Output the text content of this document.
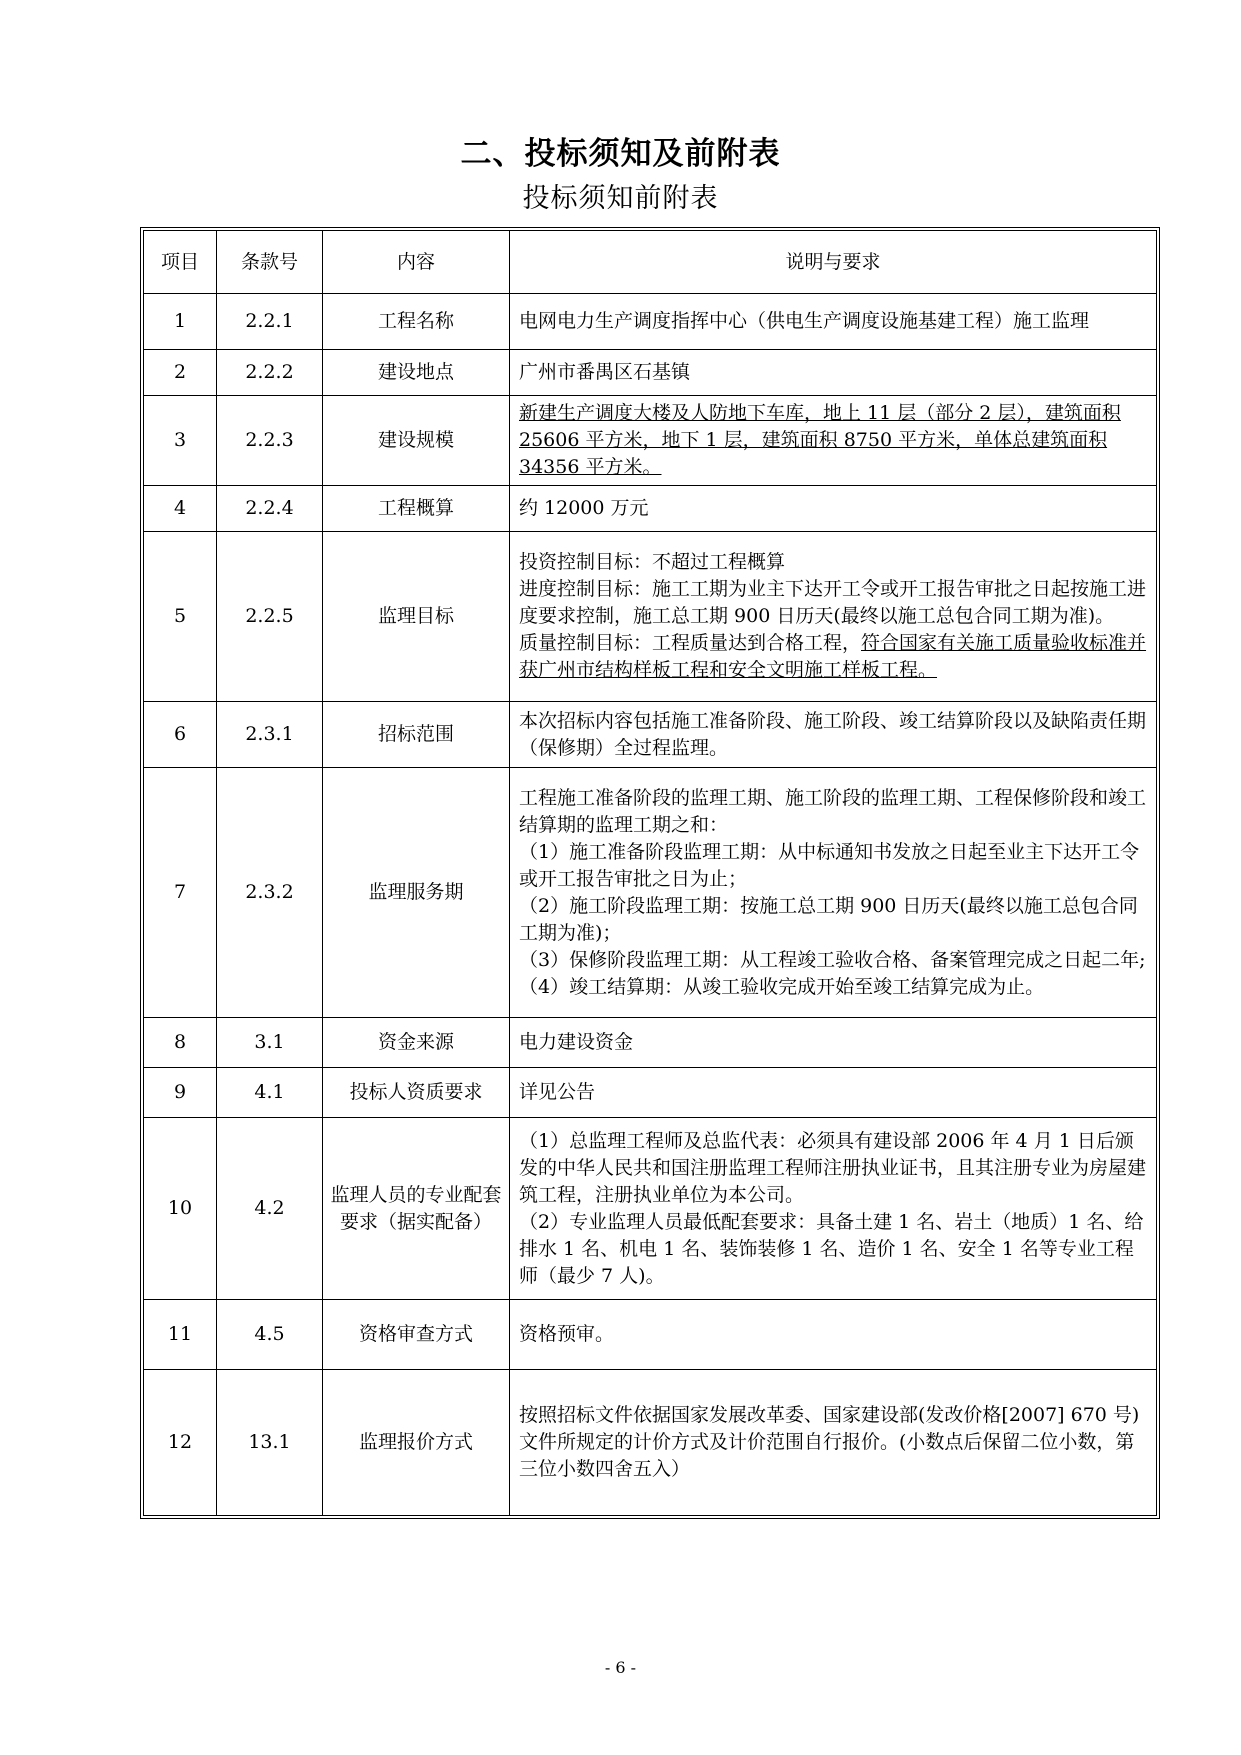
二、投标须知及前附表
投标须知前附表
项目	条款号	内容	说明与要求
1	2.2.1	工程名称	电网电力生产调度指挥中心（供电生产调度设施基建工程）施工监理
2	2.2.2	建设地点	广州市番禺区石基镇
3	2.2.3	建设规模	新建生产调度大楼及人防地下车库，地上 11 层（部分 2 层），建筑面积 25606 平方米，地下 1 层，建筑面积 8750 平方米，单体总建筑面积 34356 平方米。
4	2.2.4	工程概算	约 12000 万元
5	2.2.5	监理目标	投资控制目标：不超过工程概算
进度控制目标：施工工期为业主下达开工令或开工报告审批之日起按施工进度要求控制，施工总工期 900 日历天(最终以施工总包合同工期为准)。
质量控制目标：工程质量达到合格工程，符合国家有关施工质量验收标准并获广州市结构样板工程和安全文明施工样板工程。

6	2.3.1	招标范围	本次招标内容包括施工准备阶段、施工阶段、竣工结算阶段以及缺陷责任期（保修期）全过程监理。
7	2.3.2	监理服务期	工程施工准备阶段的监理工期、施工阶段的监理工期、工程保修阶段和竣工结算期的监理工期之和：
（1）施工准备阶段监理工期：从中标通知书发放之日起至业主下达开工令或开工报告审批之日为止；
（2）施工阶段监理工期：按施工总工期 900 日历天(最终以施工总包合同工期为准)；
（3）保修阶段监理工期：从工程竣工验收合格、备案管理完成之日起二年;
（4）竣工结算期：从竣工验收完成开始至竣工结算完成为止。

8	3.1	资金来源	电力建设资金
9	4.1	投标人资质要求	详见公告
10	4.2	监理人员的专业配套要求（据实配备）	（1）总监理工程师及总监代表：必须具有建设部 2006 年 4 月 1 日后颁发的中华人民共和国注册监理工程师注册执业证书，且其注册专业为房屋建筑工程，注册执业单位为本公司。
（2）专业监理人员最低配套要求：具备土建 1 名、岩土（地质）1 名、给排水 1 名、机电 1 名、装饰装修 1 名、造价 1 名、安全 1 名等专业工程师（最少 7 人)。

11	4.5	资格审查方式	资格预审。
12	13.1	监理报价方式	按照招标文件依据国家发展改革委、国家建设部(发改价格[2007] 670 号)文件所规定的计价方式及计价范围自行报价。(小数点后保留二位小数，第三位小数四舍五入）
- 6 -
